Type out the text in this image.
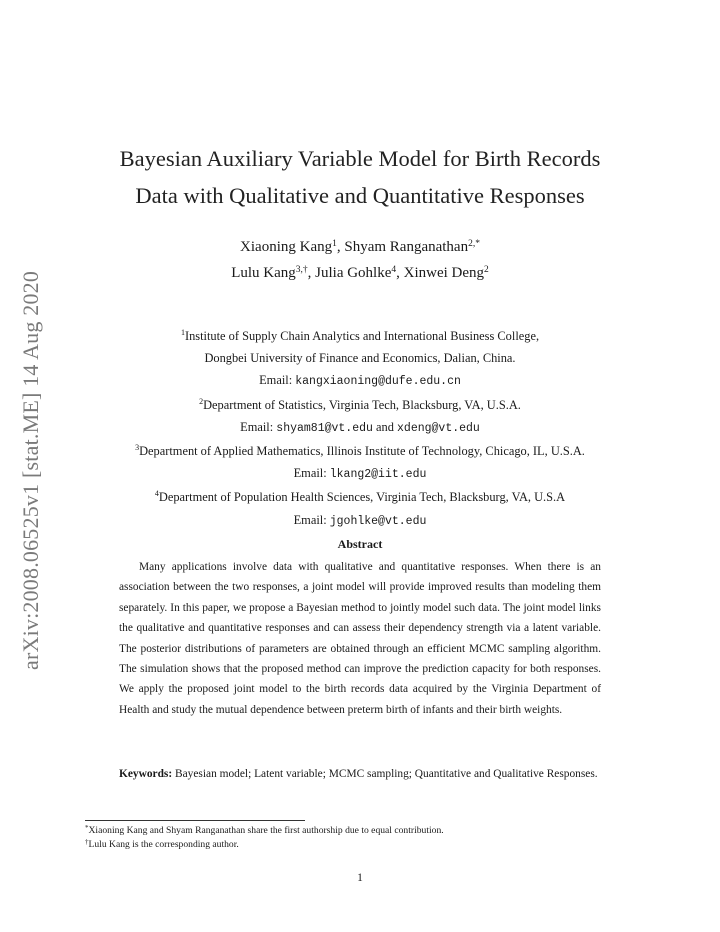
arXiv:2008.06525v1 [stat.ME] 14 Aug 2020
Bayesian Auxiliary Variable Model for Birth Records
Data with Qualitative and Quantitative Responses
Xiaoning Kang$^1$, Shyam Ranganathan$^{2,*}$
Lulu Kang$^{3,\dagger}$, Julia Gohlke$^4$, Xinwei Deng$^2$
$^1$Institute of Supply Chain Analytics and International Business College,
Dongbei University of Finance and Economics, Dalian, China.
Email: kangxiaoning@dufe.edu.cn
$^2$Department of Statistics, Virginia Tech, Blacksburg, VA, U.S.A.
Email: shyam81@vt.edu and xdeng@vt.edu
$^3$Department of Applied Mathematics, Illinois Institute of Technology, Chicago, IL, U.S.A.
Email: lkang2@iit.edu
$^4$Department of Population Health Sciences, Virginia Tech, Blacksburg, VA, U.S.A
Email: jgohlke@vt.edu
Abstract

Many applications involve data with qualitative and quantitative responses. When there is an association between the two responses, a joint model will provide improved results than modeling them separately. In this paper, we propose a Bayesian method to jointly model such data. The joint model links the qualitative and quantitative responses and can assess their dependency strength via a latent variable. The posterior distributions of parameters are obtained through an efficient MCMC sampling algorithm. The simulation shows that the proposed method can improve the prediction capacity for both responses. We apply the proposed joint model to the birth records data acquired by the Virginia Department of Health and study the mutual dependence between preterm birth of infants and their birth weights.

Keywords: Bayesian model; Latent variable; MCMC sampling; Quantitative and Qualitative Responses.

*Xiaoning Kang and Shyam Ranganathan share the first authorship due to equal contribution.
†Lulu Kang is the corresponding author.
1
